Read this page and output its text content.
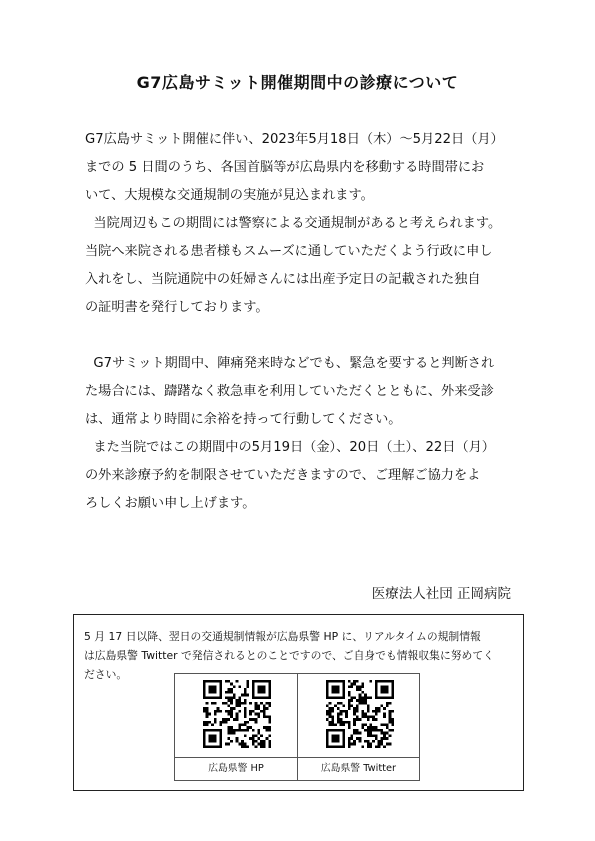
G7広島サミット開催期間中の診療について

G7広島サミット開催に伴い、2023年5月18日（木）～5月22日（月）

までの 5 日間のうち、各国首脳等が広島県内を移動する時間帯にお

いて、大規模な交通規制の実施が見込まれます。

当院周辺もこの期間には警察による交通規制があると考えられます。

当院へ来院される患者様もスムーズに通していただくよう行政に申し

入れをし、当院通院中の妊婦さんには出産予定日の記載された独自

の証明書を発行しております。

G7サミット期間中、陣痛発来時などでも、緊急を要すると判断され

た場合には、躊躇なく救急車を利用していただくとともに、外来受診

は、通常より時間に余裕を持って行動してください。

また当院ではこの期間中の5月19日（金）、20日（土）、22日（月）

の外来診療予約を制限させていただきますので、ご理解ご協力をよ

ろしくお願い申し上げます。

医療法人社団 正岡病院

5 月 17 日以降、翌日の交通規制情報が広島県警 HP に、リアルタイムの規制情報
は広島県警 Twitter で発信されるとのことですので、ご自身でも情報収集に努めてく
ださい。

広島県警 HP	広島県警 Twitter
